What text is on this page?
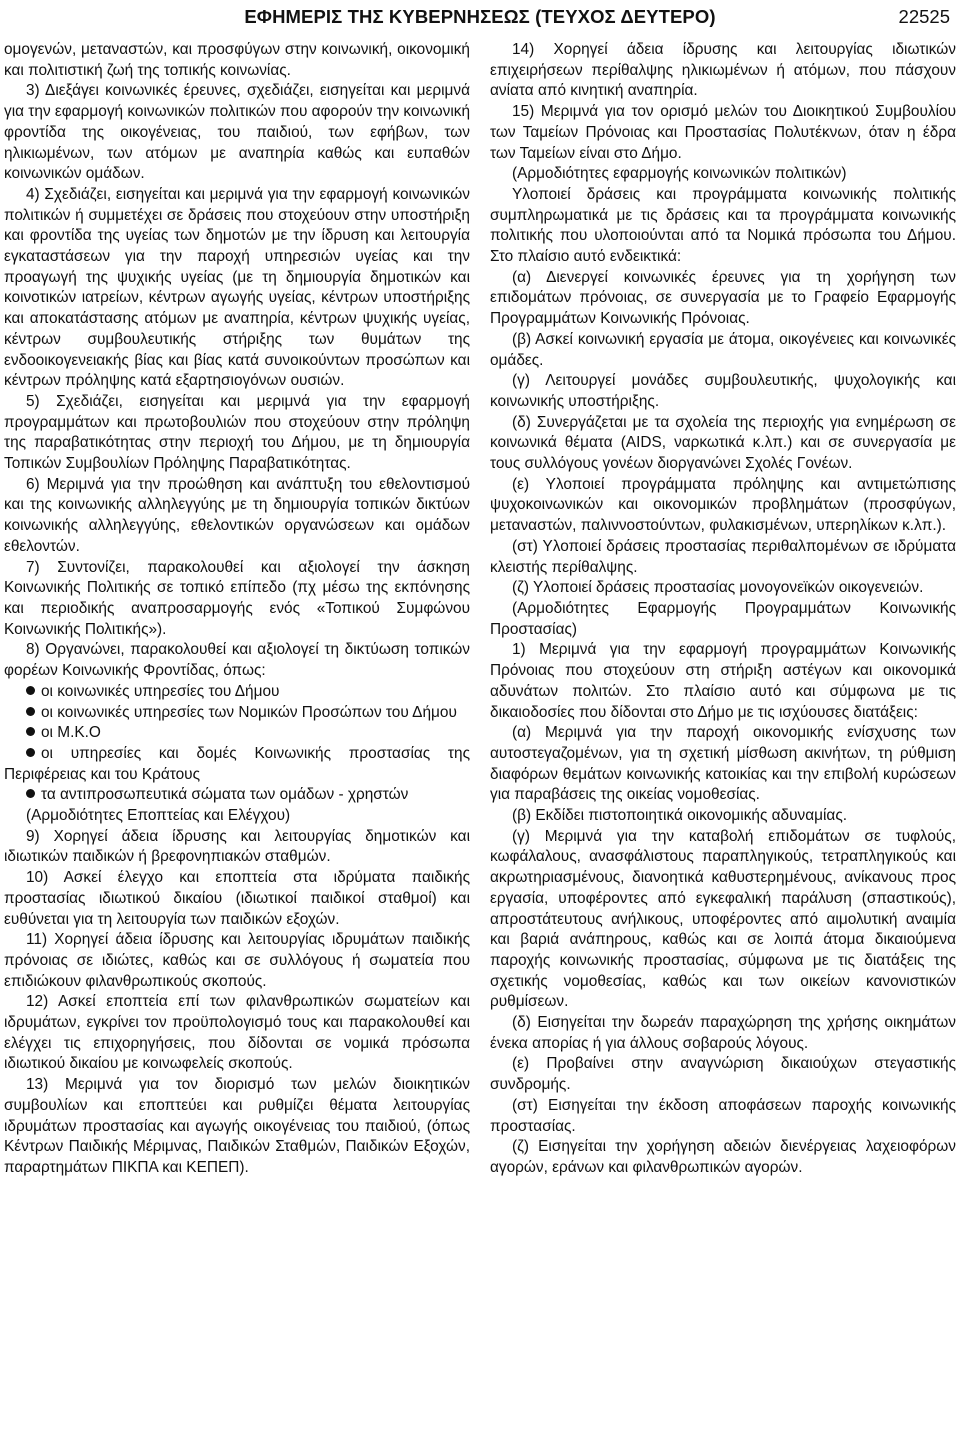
ΕΦΗΜΕΡΙΣ ΤΗΣ ΚΥΒΕΡΝΗΣΕΩΣ (ΤΕΥΧΟΣ ΔΕΥΤΕΡΟ)	22525

ομογενών, μεταναστών, και προσφύγων στην κοινωνική, οικονομική και πολιτιστική ζωή της τοπικής κοινωνίας.

3) Διεξάγει κοινωνικές έρευνες, σχεδιάζει, εισηγείται και μεριμνά για την εφαρμογή κοινωνικών πολιτικών που αφορούν την κοινωνική φροντίδα της οικογένειας, του παιδιού, των εφήβων, των ηλικιωμένων, των ατόμων με αναπηρία καθώς και ευπαθών κοινωνικών ομάδων.

4) Σχεδιάζει, εισηγείται και μεριμνά για την εφαρμογή κοινωνικών πολιτικών ή συμμετέχει σε δράσεις που στοχεύουν στην υποστήριξη και φροντίδα της υγείας των δημοτών με την ίδρυση και λειτουργία εγκαταστάσεων για την παροχή υπηρεσιών υγείας και την προαγωγή της ψυχικής υγείας (με τη δημιουργία δημοτικών και κοινοτικών ιατρείων, κέντρων αγωγής υγείας, κέντρων υποστήριξης και αποκατάστασης ατόμων με αναπηρία, κέντρων ψυχικής υγείας, κέντρων συμβουλευτικής στήριξης των θυμάτων της ενδοοικογενειακής βίας και βίας κατά συνοικούντων προσώπων και κέντρων πρόληψης κατά εξαρτησιογόνων ουσιών.

5) Σχεδιάζει, εισηγείται και μεριμνά για την εφαρμογή προγραμμάτων και πρωτοβουλιών που στοχεύουν στην πρόληψη της παραβατικότητας στην περιοχή του Δήμου, με τη δημιουργία Τοπικών Συμβουλίων Πρόληψης Παραβατικότητας.

6) Μεριμνά για την προώθηση και ανάπτυξη του εθελοντισμού και της κοινωνικής αλληλεγγύης με τη δημιουργία τοπικών δικτύων κοινωνικής αλληλεγγύης, εθελοντικών οργανώσεων και ομάδων εθελοντών.

7) Συντονίζει, παρακολουθεί και αξιολογεί την άσκηση Κοινωνικής Πολιτικής σε τοπικό επίπεδο (πχ μέσω της εκπόνησης και περιοδικής αναπροσαρμογής ενός «Τοπικού Συμφώνου Κοινωνικής Πολιτικής»).

8) Οργανώνει, παρακολουθεί και αξιολογεί τη δικτύωση τοπικών φορέων Κοινωνικής Φροντίδας, όπως:

οι κοινωνικές υπηρεσίες του Δήμου

οι κοινωνικές υπηρεσίες των Νομικών Προσώπων του Δήμου

οι Μ.Κ.Ο

οι υπηρεσίες και δομές Κοινωνικής προστασίας της Περιφέρειας και του Κράτους

τα αντιπροσωπευτικά σώματα των ομάδων - χρηστών

(Αρμοδιότητες Εποπτείας και Ελέγχου)

9) Χορηγεί άδεια ίδρυσης και λειτουργίας δημοτικών και ιδιωτικών παιδικών ή βρεφονηπιακών σταθμών.

10) Ασκεί έλεγχο και εποπτεία στα ιδρύματα παιδικής προστασίας ιδιωτικού δικαίου (ιδιωτικοί παιδικοί σταθμοί) και ευθύνεται για τη λειτουργία των παιδικών εξοχών.

11) Χορηγεί άδεια ίδρυσης και λειτουργίας ιδρυμάτων παιδικής πρόνοιας σε ιδιώτες, καθώς και σε συλλόγους ή σωματεία που επιδιώκουν φιλανθρωπικούς σκοπούς.

12) Ασκεί εποπτεία επί των φιλανθρωπικών σωματείων και ιδρυμάτων, εγκρίνει τον προϋπολογισμό τους και παρακολουθεί και ελέγχει τις επιχορηγήσεις, που δίδονται σε νομικά πρόσωπα ιδιωτικού δικαίου με κοινωφελείς σκοπούς.

13) Μεριμνά για τον διορισμό των μελών διοικητικών συμβουλίων και εποπτεύει και ρυθμίζει θέματα λειτουργίας ιδρυμάτων προστασίας και αγωγής οικογένειας του παιδιού, (όπως Κέντρων Παιδικής Μέριμνας, Παιδικών Σταθμών, Παιδικών Εξοχών, παραρτημάτων ΠΙΚΠΑ και ΚΕΠΕΠ).

14) Χορηγεί άδεια ίδρυσης και λειτουργίας ιδιωτικών επιχειρήσεων περίθαλψης ηλικιωμένων ή ατόμων, που πάσχουν ανίατα από κινητική αναπηρία.

15) Μεριμνά για τον ορισμό μελών του Διοικητικού Συμβουλίου των Ταμείων Πρόνοιας και Προστασίας Πολυτέκνων, όταν η έδρα των Ταμείων είναι στο Δήμο.

(Αρμοδιότητες εφαρμογής κοινωνικών πολιτικών)

Υλοποιεί δράσεις και προγράμματα κοινωνικής πολιτικής συμπληρωματικά με τις δράσεις και τα προγράμματα κοινωνικής πολιτικής που υλοποιούνται από τα Νομικά πρόσωπα του Δήμου. Στο πλαίσιο αυτό ενδεικτικά:

(α) Διενεργεί κοινωνικές έρευνες για τη χορήγηση των επιδομάτων πρόνοιας, σε συνεργασία με το Γραφείο Εφαρμογής Προγραμμάτων Κοινωνικής Πρόνοιας.

(β) Ασκεί κοινωνική εργασία με άτομα, οικογένειες και κοινωνικές ομάδες.

(γ) Λειτουργεί μονάδες συμβουλευτικής, ψυχολογικής και κοινωνικής υποστήριξης.

(δ) Συνεργάζεται με τα σχολεία της περιοχής για ενημέρωση σε κοινωνικά θέματα (AIDS, ναρκωτικά κ.λπ.) και σε συνεργασία με τους συλλόγους γονέων διοργανώνει Σχολές Γονέων.

(ε) Υλοποιεί προγράμματα πρόληψης και αντιμετώπισης ψυχοκοινωνικών και οικονομικών προβλημάτων (προσφύγων, μεταναστών, παλιννοστούντων, φυλακισμένων, υπερηλίκων κ.λπ.).

(στ) Υλοποιεί δράσεις προστασίας περιθαλπομένων σε ιδρύματα κλειστής περίθαλψης.

(ζ) Υλοποιεί δράσεις προστασίας μονογονεϊκών οικογενειών.

(Αρμοδιότητες Εφαρμογής Προγραμμάτων Κοινωνικής Προστασίας)

1) Μεριμνά για την εφαρμογή προγραμμάτων Κοινωνικής Πρόνοιας που στοχεύουν στη στήριξη αστέγων και οικονομικά αδυνάτων πολιτών. Στο πλαίσιο αυτό και σύμφωνα με τις δικαιοδοσίες που δίδονται στο Δήμο με τις ισχύουσες διατάξεις:

(α) Μεριμνά για την παροχή οικονομικής ενίσχυσης των αυτοστεγαζομένων, για τη σχετική μίσθωση ακινήτων, τη ρύθμιση διαφόρων θεμάτων κοινωνικής κατοικίας και την επιβολή κυρώσεων για παραβάσεις της οικείας νομοθεσίας.

(β) Εκδίδει πιστοποιητικά οικονομικής αδυναμίας.

(γ) Μεριμνά για την καταβολή επιδομάτων σε τυφλούς, κωφάλαλους, ανασφάλιστους παραπληγικούς, τετραπληγικούς και ακρωτηριασμένους, διανοητικά καθυστερημένους, ανίκανους προς εργασία, υποφέροντες από εγκεφαλική παράλυση (σπαστικούς), απροστάτευτους ανήλικους, υποφέροντες από αιμολυτική αναιμία και βαριά ανάπηρους, καθώς και σε λοιπά άτομα δικαιούμενα παροχής κοινωνικής προστασίας, σύμφωνα με τις διατάξεις της σχετικής νομοθεσίας, καθώς και των οικείων κανονιστικών ρυθμίσεων.

(δ) Εισηγείται την δωρεάν παραχώρηση της χρήσης οικημάτων ένεκα απορίας ή για άλλους σοβαρούς λόγους.

(ε) Προβαίνει στην αναγνώριση δικαιούχων στεγαστικής συνδρομής.

(στ) Εισηγείται την έκδοση αποφάσεων παροχής κοινωνικής προστασίας.

(ζ) Εισηγείται την χορήγηση αδειών διενέργειας λαχειοφόρων αγορών, εράνων και φιλανθρωπικών αγορών.
